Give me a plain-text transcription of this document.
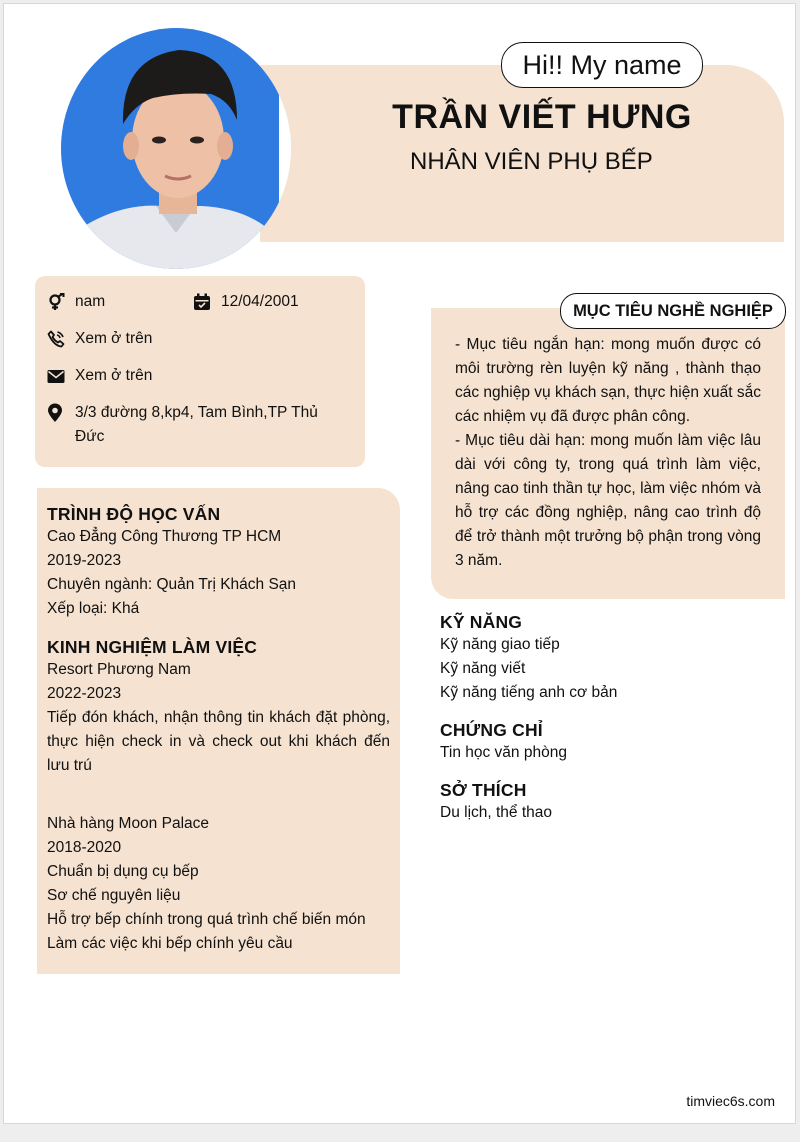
Hi!! My name
TRẦN VIẾT HƯNG
NHÂN VIÊN PHỤ BẾP
nam	12/04/2001
Xem ở trên
Xem ở trên
3/3 đường 8,kp4, Tam Bình,TP Thủ
Đức
TRÌNH ĐỘ HỌC VẤN
Cao Đẳng Công Thương TP HCM
2019-2023
Chuyên ngành: Quản Trị Khách Sạn
Xếp loại: Khá
KINH NGHIỆM LÀM VIỆC
Resort Phương Nam
2022-2023
Tiếp đón khách, nhận thông tin khách đặt phòng, thực hiện check in và check out khi khách đến lưu trú
Nhà hàng Moon Palace
2018-2020
Chuẩn bị dụng cụ bếp
Sơ chế nguyên liệu
Hỗ trợ bếp chính trong quá trình chế biến món
Làm các việc khi bếp chính yêu cầu
MỤC TIÊU NGHỀ NGHIỆP
- Mục tiêu ngắn hạn: mong muốn được có môi trường rèn luyện kỹ năng , thành thạo các nghiệp vụ khách sạn, thực hiện xuất sắc các nhiệm vụ đã được phân công.
- Mục tiêu dài hạn: mong muốn làm việc lâu dài với công ty, trong quá trình làm việc, nâng cao tinh thần tự học, làm việc nhóm và hỗ trợ các đồng nghiệp, nâng cao trình độ để trở thành một trưởng bộ phận trong vòng 3 năm.
KỸ NĂNG
Kỹ năng giao tiếp
Kỹ năng viết
Kỹ năng tiếng anh cơ bản
CHỨNG CHỈ
Tin học văn phòng
SỞ THÍCH
Du lịch, thể thao
timviec6s.com
